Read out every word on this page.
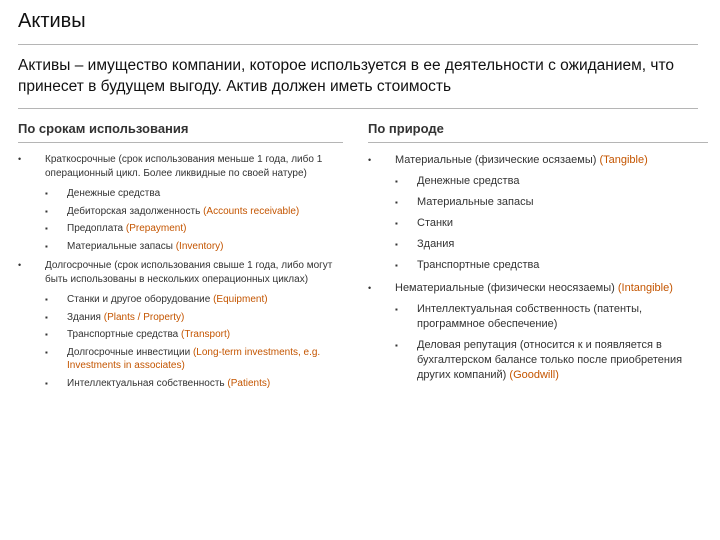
Активы
Активы – имущество компании, которое используется в ее деятельности с ожиданием, что принесет в будущем выгоду. Актив должен иметь стоимость
По срокам использования
• Краткосрочные (срок использования меньше 1 года, либо 1 операционный цикл. Более ликвидные по своей натуре)
▪ Денежные средства
▪ Дебиторская задолженность (Accounts receivable)
▪ Предоплата (Prepayment)
▪ Материальные запасы (Inventory)
• Долгосрочные (срок использования свыше 1 года, либо могут быть использованы в нескольких операционных циклах)
▪ Станки и другое оборудование (Equipment)
▪ Здания (Plants / Property)
▪ Транспортные средства (Transport)
▪ Долгосрочные инвестиции (Long-term investments, e.g. Investments in associates)
▪ Интеллектуальная собственность (Patients)
По природе
• Материальные (физические осязаемы) (Tangible)
▪ Денежные средства
▪ Материальные запасы
▪ Станки
▪ Здания
▪ Транспортные средства
• Нематериальные (физически неосязаемы) (Intangible)
▪ Интеллектуальная собственность (патенты, программное обеспечение)
▪ Деловая репутация (относится к и появляется в бухгалтерском балансе только после приобретения других компаний) (Goodwill)
